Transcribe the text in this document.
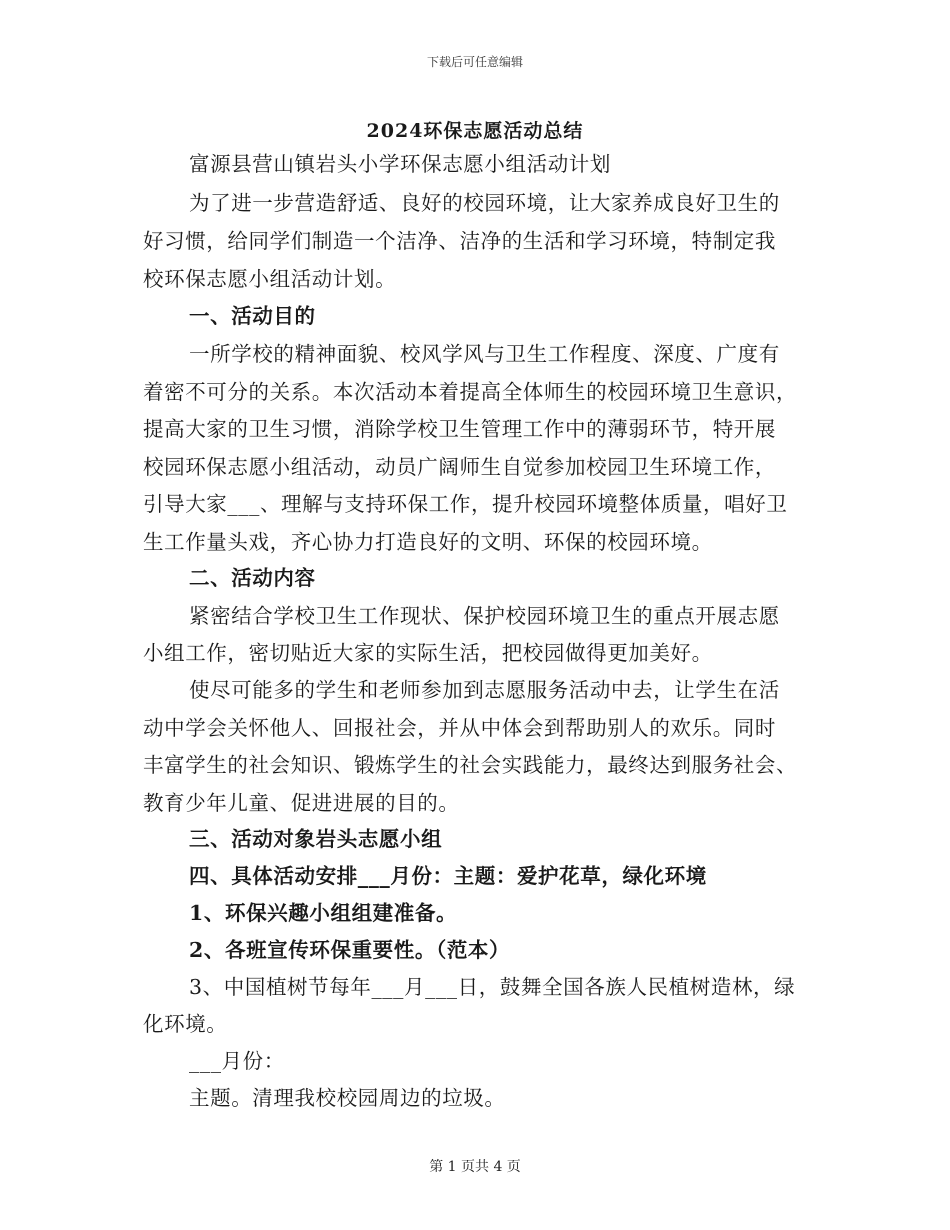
下载后可任意编辑
2024环保志愿活动总结
富源县营山镇岩头小学环保志愿小组活动计划
为了进一步营造舒适、良好的校园环境，让大家养成良好卫生的
好习惯，给同学们制造一个洁净、洁净的生活和学习环境，特制定我
校环保志愿小组活动计划。
一、活动目的
一所学校的精神面貌、校风学风与卫生工作程度、深度、广度有
着密不可分的关系。本次活动本着提高全体师生的校园环境卫生意识，
提高大家的卫生习惯，消除学校卫生管理工作中的薄弱环节，特开展
校园环保志愿小组活动，动员广阔师生自觉参加校园卫生环境工作，
引导大家___、理解与支持环保工作，提升校园环境整体质量，唱好卫
生工作量头戏，齐心协力打造良好的文明、环保的校园环境。
二、活动内容
紧密结合学校卫生工作现状、保护校园环境卫生的重点开展志愿
小组工作，密切贴近大家的实际生活，把校园做得更加美好。
使尽可能多的学生和老师参加到志愿服务活动中去，让学生在活
动中学会关怀他人、回报社会，并从中体会到帮助别人的欢乐。同时
丰富学生的社会知识、锻炼学生的社会实践能力，最终达到服务社会、
教育少年儿童、促进进展的目的。
三、活动对象岩头志愿小组
四、具体活动安排___月份：主题：爱护花草，绿化环境
1、环保兴趣小组组建准备。
2、各班宣传环保重要性。（范本）
3、中国植树节每年___月___日，鼓舞全国各族人民植树造林，绿
化环境。
___月份：
主题。清理我校校园周边的垃圾。
第 1 页共 4 页
